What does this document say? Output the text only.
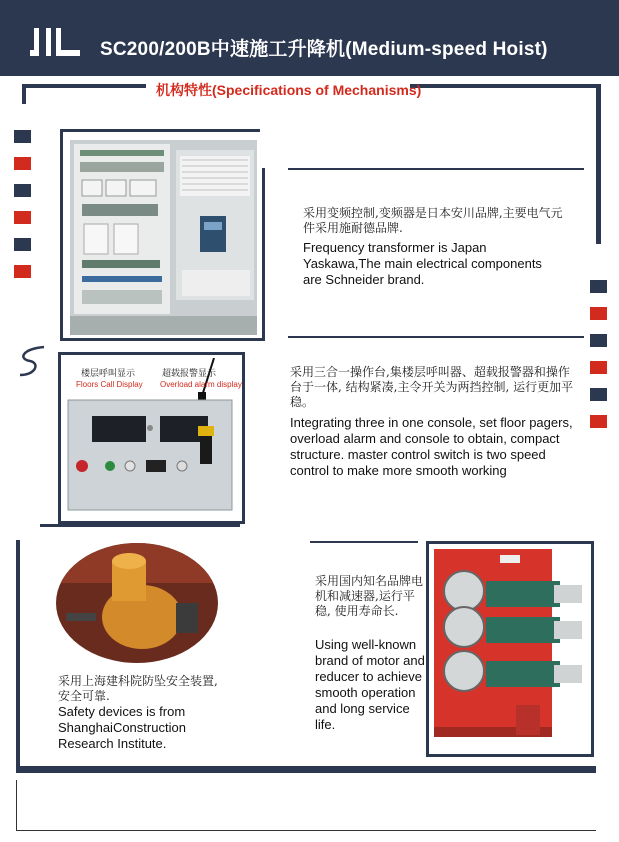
SC200/200B中速施工升降机(Medium-speed Hoist)
机构特性(Specifications of Mechanisms)
采用变频控制,变频器是日本安川品牌,主要电气元件采用施耐德品牌.
Frequency transformer is Japan Yaskawa,The main electrical components are Schneider brand.
楼层呼叫显示
Floors Call Display
超载报警显示
Overload alarm display
采用三合一操作台,集楼层呼叫器、超载报警器和操作台于一体, 结构紧凑,主令开关为两挡控制, 运行更加平稳。
Integrating three in one console, set floor pagers, overload alarm and console to obtain, compact structure. master control switch is two speed control to make more smooth working
采用国内知名品牌电机和减速器,运行平稳, 使用寿命长.
Using well-known brand of motor and reducer to achieve smooth operation and long service life.
采用上海建科院防坠安全装置, 安全可靠.
Safety devices is from ShanghaiConstruction Research Institute.
